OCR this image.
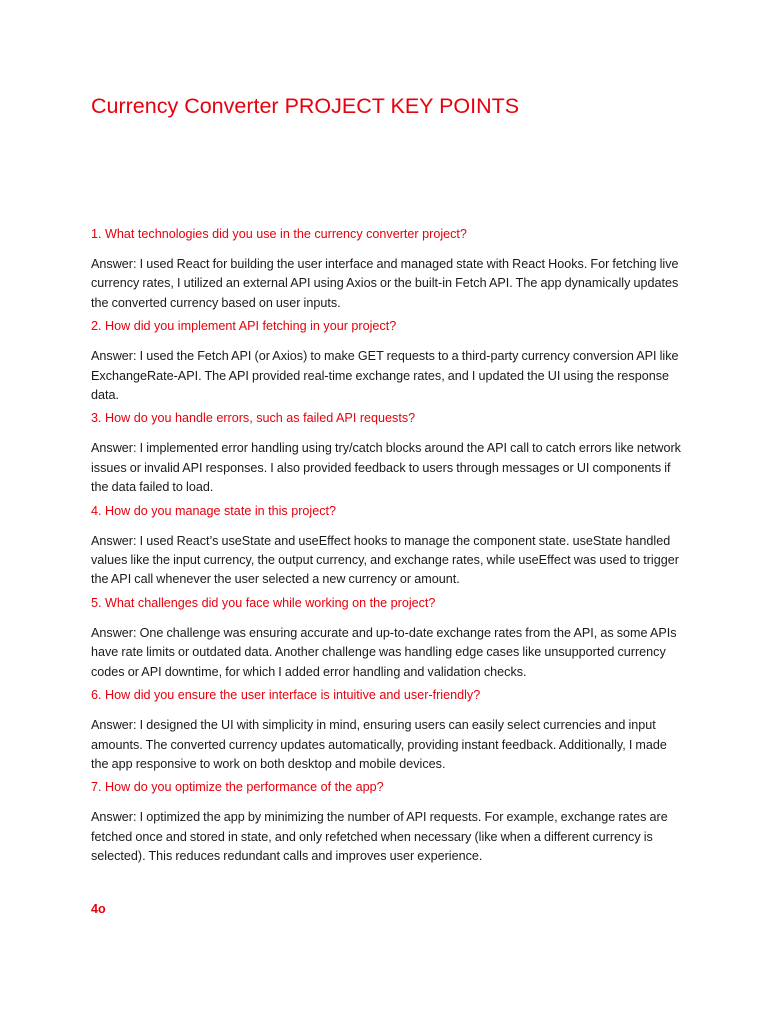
Currency Converter PROJECT KEY POINTS

1. What technologies did you use in the currency converter project?

Answer: I used React for building the user interface and managed state with React Hooks. For fetching live currency rates, I utilized an external API using Axios or the built-in Fetch API. The app dynamically updates the converted currency based on user inputs.

2. How did you implement API fetching in your project?

Answer: I used the Fetch API (or Axios) to make GET requests to a third-party currency conversion API like ExchangeRate-API. The API provided real-time exchange rates, and I updated the UI using the response data.

3. How do you handle errors, such as failed API requests?

Answer: I implemented error handling using try/catch blocks around the API call to catch errors like network issues or invalid API responses. I also provided feedback to users through messages or UI components if the data failed to load.

4. How do you manage state in this project?

Answer: I used React’s useState and useEffect hooks to manage the component state. useState handled values like the input currency, the output currency, and exchange rates, while useEffect was used to trigger the API call whenever the user selected a new currency or amount.

5. What challenges did you face while working on the project?

Answer: One challenge was ensuring accurate and up-to-date exchange rates from the API, as some APIs have rate limits or outdated data. Another challenge was handling edge cases like unsupported currency codes or API downtime, for which I added error handling and validation checks.

6. How did you ensure the user interface is intuitive and user-friendly?

Answer: I designed the UI with simplicity in mind, ensuring users can easily select currencies and input amounts. The converted currency updates automatically, providing instant feedback. Additionally, I made the app responsive to work on both desktop and mobile devices.

7. How do you optimize the performance of the app?

Answer: I optimized the app by minimizing the number of API requests. For example, exchange rates are fetched once and stored in state, and only refetched when necessary (like when a different currency is selected). This reduces redundant calls and improves user experience.

4o
